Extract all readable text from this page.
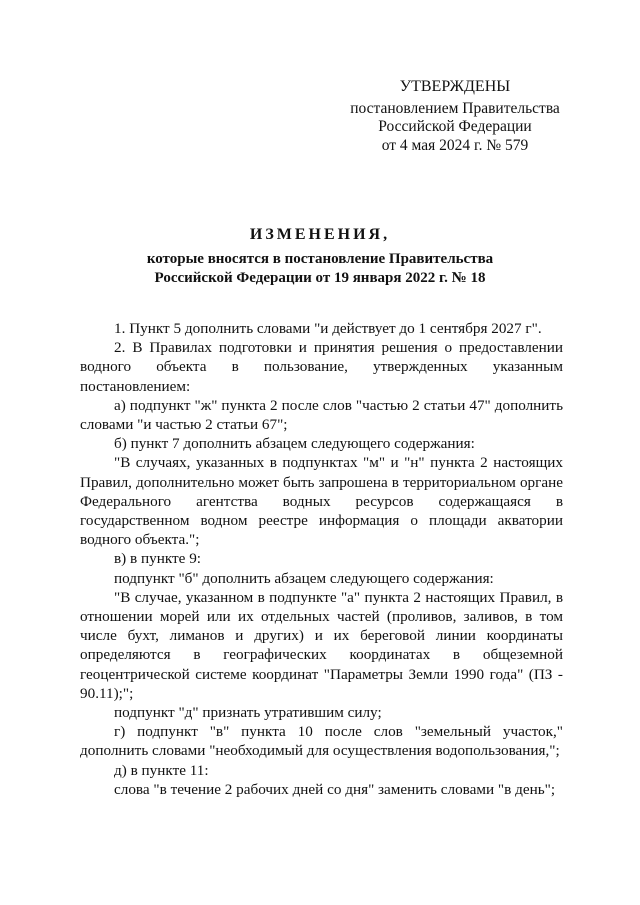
УТВЕРЖДЕНЫ
постановлением Правительства
Российской Федерации
от 4 мая 2024 г. № 579
ИЗМЕНЕНИЯ,
которые вносятся в постановление Правительства
Российской Федерации от 19 января 2022 г. № 18

1. Пункт 5 дополнить словами "и действует до 1 сентября 2027 г".

2. В Правилах подготовки и принятия решения о предоставлении водного объекта в пользование, утвержденных указанным постановлением:

а) подпункт "ж" пункта 2 после слов "частью 2 статьи 47" дополнить словами "и частью 2 статьи 67";

б) пункт 7 дополнить абзацем следующего содержания:

"В случаях, указанных в подпунктах "м" и "н" пункта 2 настоящих Правил, дополнительно может быть запрошена в территориальном органе Федерального агентства водных ресурсов содержащаяся в государственном водном реестре информация о площади акватории водного объекта.";

в) в пункте 9:

подпункт "б" дополнить абзацем следующего содержания:

"В случае, указанном в подпункте "а" пункта 2 настоящих Правил, в отношении морей или их отдельных частей (проливов, заливов, в том числе бухт, лиманов и других) и их береговой линии координаты определяются в географических координатах в общеземной геоцентрической системе координат "Параметры Земли 1990 года" (ПЗ - 90.11);";

подпункт "д" признать утратившим силу;

г) подпункт "в" пункта 10 после слов "земельный участок," дополнить словами "необходимый для осуществления водопользования,";

д) в пункте 11:

слова "в течение 2 рабочих дней со дня" заменить словами "в день";
